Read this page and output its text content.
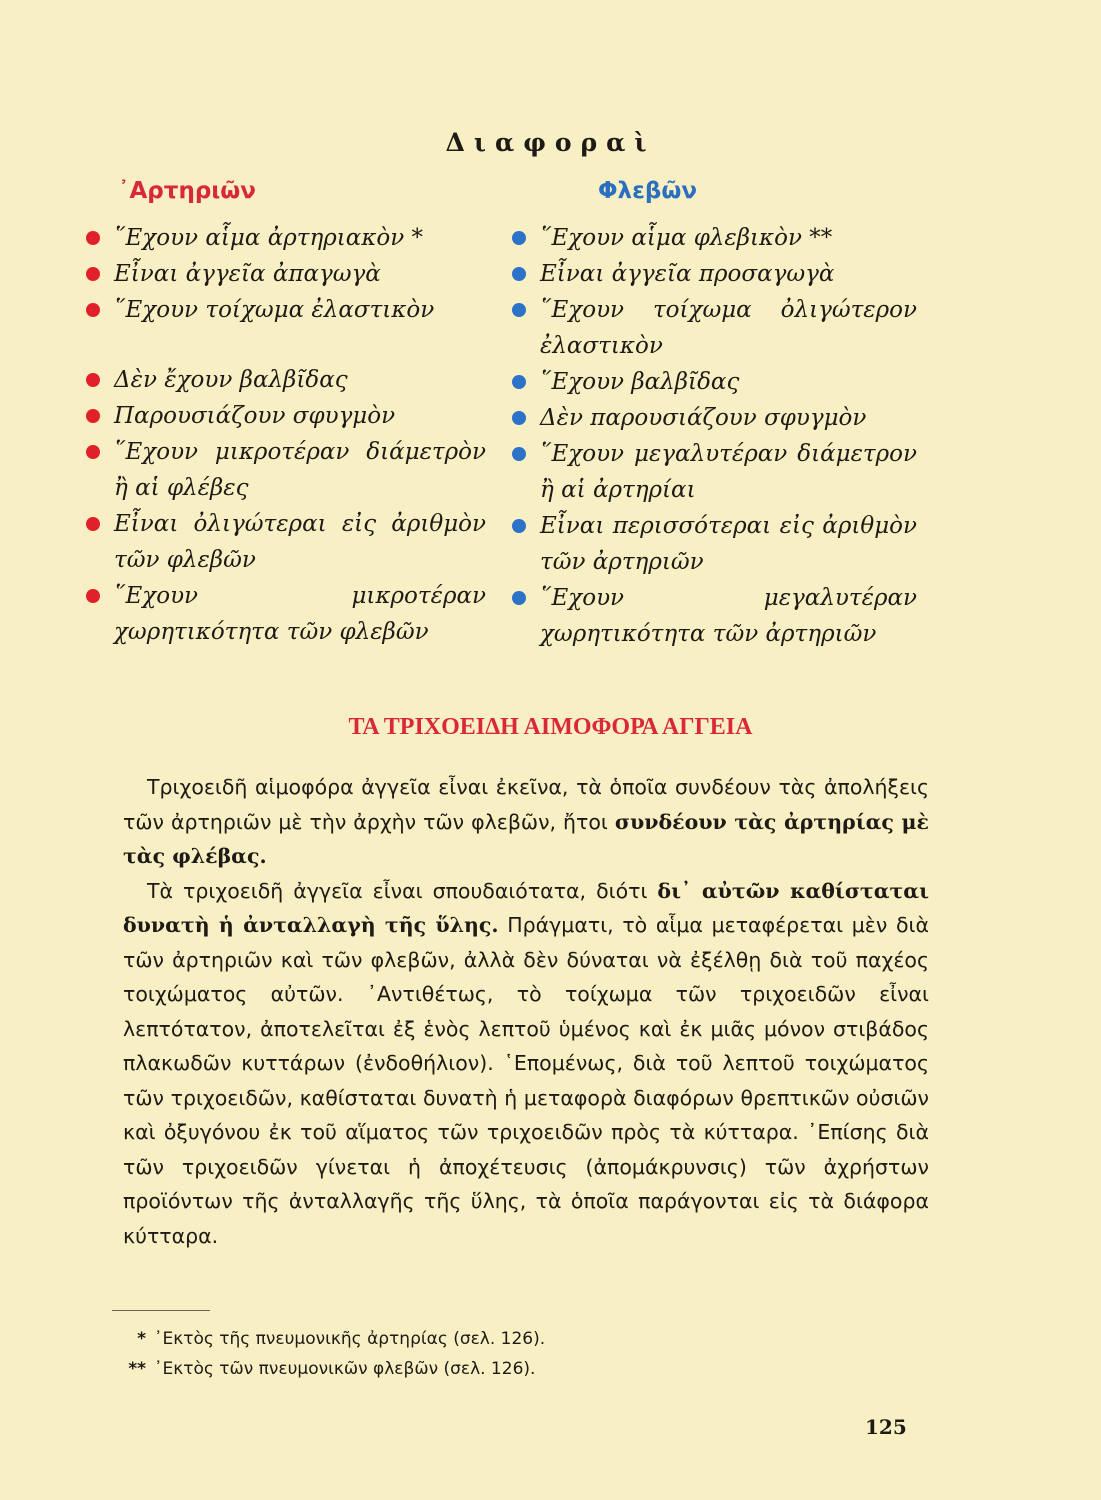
Διαφοραὶ
᾿Αρτηριῶν	Φλεβῶν
῞Εχουν αἷμα ἀρτηριακὸν *
Εἶναι ἀγγεῖα ἀπαγωγὰ
῞Εχουν τοίχωμα ἐλαστικὸν
Δὲν ἔχουν βαλβῖδας
Παρουσιάζουν σφυγμὸν
῞Εχουν μικροτέραν διάμετρὸν ἢ αἱ φλέβες
Εἶναι ὀλιγώτεραι εἰς ἀριθμὸν τῶν φλεβῶν
῞Εχουν μικροτέραν χωρητικότητα τῶν φλεβῶν
῞Εχουν αἷμα φλεβικὸν **
Εἶναι ἀγγεῖα προσαγωγὰ
῞Εχουν τοίχωμα ὀλιγώτερον ἐλαστικὸν
῞Εχουν βαλβῖδας
Δὲν παρουσιάζουν σφυγμὸν
῞Εχουν μεγαλυτέραν διάμετρον ἢ αἱ ἀρτηρίαι
Εἶναι περισσότεραι εἰς ἀριθμὸν τῶν ἀρτηριῶν
῞Εχουν μεγαλυτέραν χωρητικότητα τῶν ἀρτηριῶν
ΤΑ ΤΡΙΧΟΕΙΔΗ ΑΙΜΟΦΟΡΑ ΑΓΓΕΙΑ

Τριχοειδῆ αἱμοφόρα ἀγγεῖα εἶναι ἐκεῖνα, τὰ ὁποῖα συνδέουν τὰς ἀπολήξεις τῶν ἀρτηριῶν μὲ τὴν ἀρχὴν τῶν φλεβῶν, ἤτοι συνδέουν τὰς ἀρτηρίας μὲ τὰς φλέβας.

Τὰ τριχοειδῆ ἀγγεῖα εἶναι σπουδαιότατα, διότι δι᾿ αὐτῶν καθίσταται δυνατὴ ἡ ἀνταλλαγὴ τῆς ὕλης. Πράγματι, τὸ αἷμα μεταφέρεται μὲν διὰ τῶν ἀρτηριῶν καὶ τῶν φλεβῶν, ἀλλὰ δὲν δύναται νὰ ἐξέλθῃ διὰ τοῦ παχέος τοιχώματος αὐτῶν. ᾿Αντιθέτως, τὸ τοίχωμα τῶν τριχοειδῶν εἶναι λεπτότατον, ἀποτελεῖται ἐξ ἑνὸς λεπτοῦ ὑμένος καὶ ἐκ μιᾶς μόνον στιβάδος πλακωδῶν κυττάρων (ἐνδοθήλιον). ῾Επομένως, διὰ τοῦ λεπτοῦ τοιχώματος τῶν τριχοειδῶν, καθίσταται δυνατὴ ἡ μεταφορὰ διαφόρων θρεπτικῶν οὐσιῶν καὶ ὀξυγόνου ἐκ τοῦ αἵματος τῶν τριχοειδῶν πρὸς τὰ κύτταρα. ᾿Επίσης διὰ τῶν τριχοειδῶν γίνεται ἡ ἀποχέτευσις (ἀπομάκρυνσις) τῶν ἀχρήστων προϊόντων τῆς ἀνταλλαγῆς τῆς ὕλης, τὰ ὁποῖα παράγονται εἰς τὰ διάφορα κύτταρα.

* ᾿Εκτὸς τῆς πνευμονικῆς ἀρτηρίας (σελ. 126).
** ᾿Εκτὸς τῶν πνευμονικῶν φλεβῶν (σελ. 126).
125
